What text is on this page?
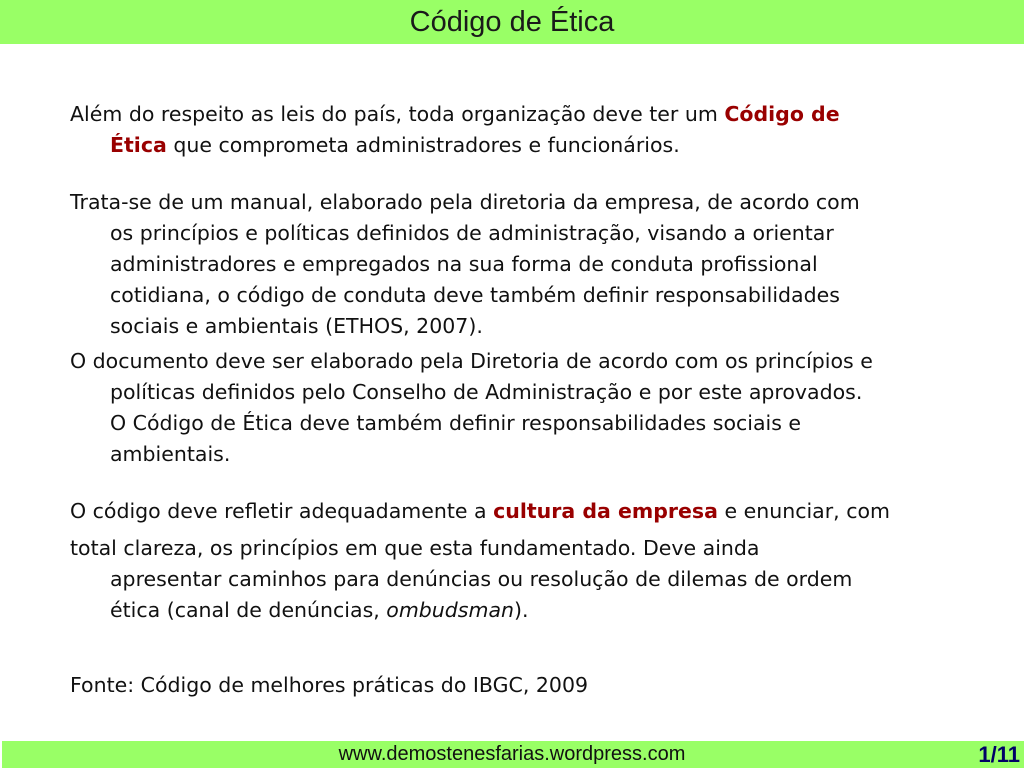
Código de Ética

Além do respeito as leis do país, toda organização deve ter um Código de
Ética que comprometa administradores e funcionários.

Trata-se de um manual, elaborado pela diretoria da empresa, de acordo com
os princípios e políticas definidos de administração, visando a orientar
administradores e empregados na sua forma de conduta profissional
cotidiana, o código de conduta deve também definir responsabilidades
sociais e ambientais (ETHOS, 2007).

O documento deve ser elaborado pela Diretoria de acordo com os princípios e
políticas definidos pelo Conselho de Administração e por este aprovados.
O Código de Ética deve também definir responsabilidades sociais e
ambientais.

O código deve refletir adequadamente a cultura da empresa e enunciar, com

total clareza, os princípios em que esta fundamentado. Deve ainda
apresentar caminhos para denúncias ou resolução de dilemas de ordem
ética (canal de denúncias, ombudsman).

Fonte: Código de melhores práticas do IBGC, 2009

www.demostenesfarias.wordpress.com	1/11
